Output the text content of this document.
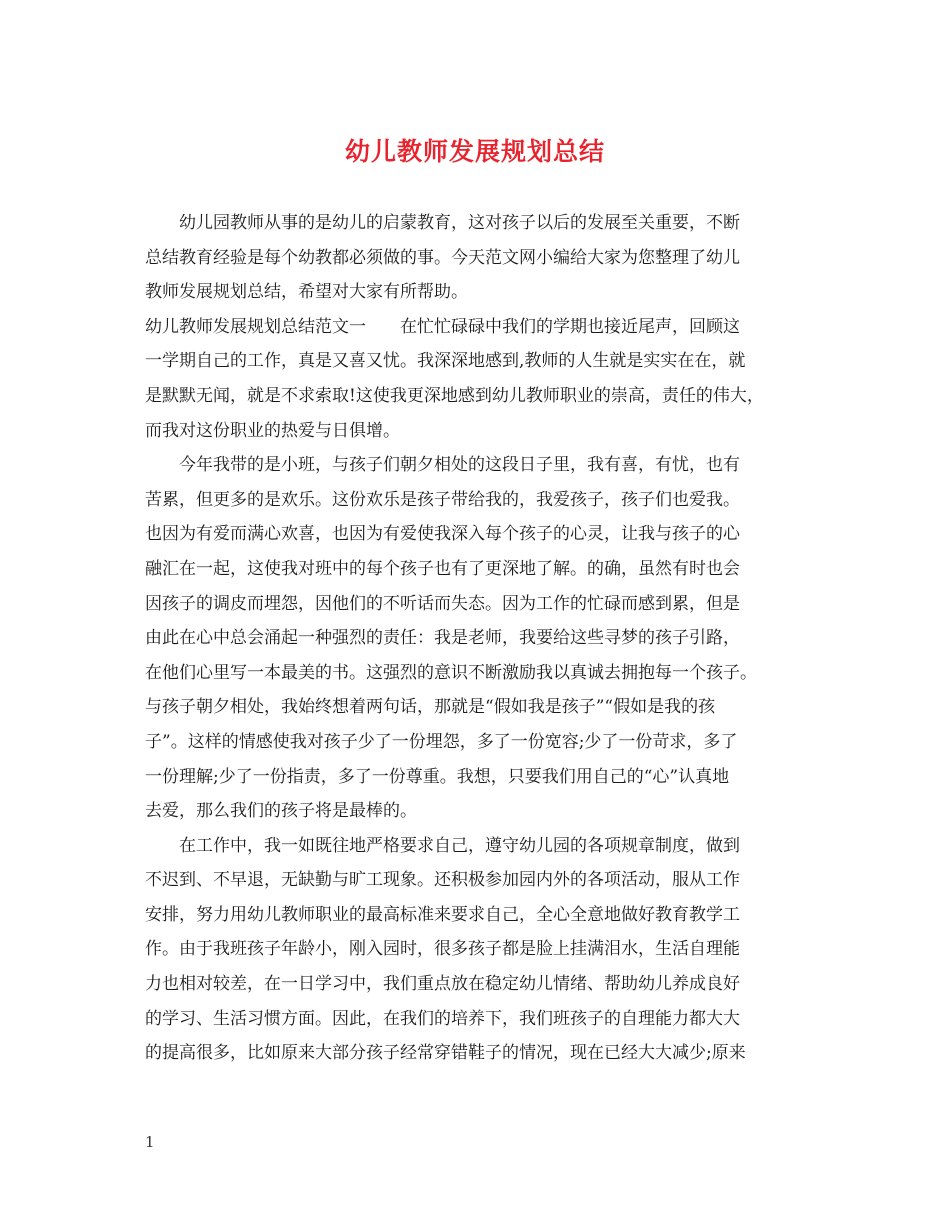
幼儿教师发展规划总结
幼儿园教师从事的是幼儿的启蒙教育，这对孩子以后的发展至关重要，不断
总结教育经验是每个幼教都必须做的事。今天范文网小编给大家为您整理了幼儿
教师发展规划总结，希望对大家有所帮助。
幼儿教师发展规划总结范文一　　在忙忙碌碌中我们的学期也接近尾声，回顾这
一学期自己的工作，真是又喜又忧。我深深地感到,教师的人生就是实实在在，就
是默默无闻，就是不求索取!这使我更深地感到幼儿教师职业的崇高，责任的伟大，
而我对这份职业的热爱与日俱增。
今年我带的是小班，与孩子们朝夕相处的这段日子里，我有喜，有忧，也有
苦累，但更多的是欢乐。这份欢乐是孩子带给我的，我爱孩子，孩子们也爱我。
也因为有爱而满心欢喜，也因为有爱使我深入每个孩子的心灵，让我与孩子的心
融汇在一起，这使我对班中的每个孩子也有了更深地了解。的确，虽然有时也会
因孩子的调皮而埋怨，因他们的不听话而失态。因为工作的忙碌而感到累，但是
由此在心中总会涌起一种强烈的责任：我是老师，我要给这些寻梦的孩子引路，
在他们心里写一本最美的书。这强烈的意识不断激励我以真诚去拥抱每一个孩子。
与孩子朝夕相处，我始终想着两句话，那就是“假如我是孩子”“假如是我的孩
子”。这样的情感使我对孩子少了一份埋怨，多了一份宽容;少了一份苛求，多了
一份理解;少了一份指责，多了一份尊重。我想，只要我们用自己的“心”认真地
去爱，那么我们的孩子将是最棒的。
在工作中，我一如既往地严格要求自己，遵守幼儿园的各项规章制度，做到
不迟到、不早退，无缺勤与旷工现象。还积极参加园内外的各项活动，服从工作
安排，努力用幼儿教师职业的最高标准来要求自己，全心全意地做好教育教学工
作。由于我班孩子年龄小，刚入园时，很多孩子都是脸上挂满泪水，生活自理能
力也相对较差，在一日学习中，我们重点放在稳定幼儿情绪、帮助幼儿养成良好
的学习、生活习惯方面。因此，在我们的培养下，我们班孩子的自理能力都大大
的提高很多，比如原来大部分孩子经常穿错鞋子的情况，现在已经大大减少;原来
1
